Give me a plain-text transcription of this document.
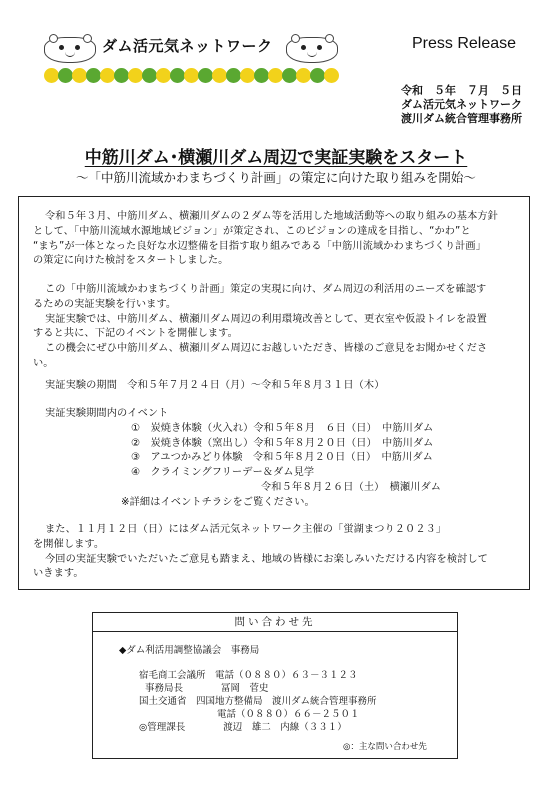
ダム活元気ネットワーク	Press Release
令和　５年　７月　５日
ダム活元気ネットワーク
渡川ダム統合管理事務所
中筋川ダム･横瀬川ダム周辺で実証実験をスタート
～「中筋川流域かわまちづくり計画」の策定に向けた取り組みを開始～
令和５年３月、中筋川ダム、横瀬川ダムの２ダム等を活用した地域活動等への取り組みの基本方針
として、「中筋川流域水源地域ビジョン」が策定され、このビジョンの達成を目指し、“かわ”と
“まち”が一体となった良好な水辺整備を目指す取り組みである「中筋川流域かわまちづくり計画」
の策定に向けた検討をスタートしました。
この「中筋川流域かわまちづくり計画」策定の実現に向け、ダム周辺の利活用のニーズを確認す
るための実証実験を行います。
実証実験では、中筋川ダム、横瀬川ダム周辺の利用環境改善として、更衣室や仮設トイレを設置
すると共に、下記のイベントを開催します。
この機会にぜひ中筋川ダム、横瀬川ダム周辺にお越しいただき、皆様のご意見をお聞かせくださ
い。
実証実験の期間　令和５年７月２４日（月）～令和５年８月３１日（木）
実証実験期間内のイベント
①　炭焼き体験（火入れ）令和５年８月　６日（日）　中筋川ダム
②　炭焼き体験（窯出し）令和５年８月２０日（日）　中筋川ダム
③　アユつかみどり体験　令和５年８月２０日（日）　中筋川ダム
④　クライミングフリーデー＆ダム見学
令和５年８月２６日（土）　横瀬川ダム
※詳細はイベントチラシをご覧ください。
また、１１月１２日（日）にはダム活元気ネットワーク主催の「蛍湖まつり２０２３」
を開催します。
今回の実証実験でいただいたご意見も踏まえ、地域の皆様にお楽しみいただける内容を検討して
いきます。
問い合わせ先
◆ダム利活用調整協議会　事務局
宿毛商工会議所　電話（０８８０）６３－３１２３
事務局長　　　　冨岡　菅史
国土交通省　四国地方整備局　渡川ダム統合管理事務所
電話（０８８０）６６－２５０１
◎管理課長　　　　渡辺　雄二　内線（３３１）
◎：主な問い合わせ先
